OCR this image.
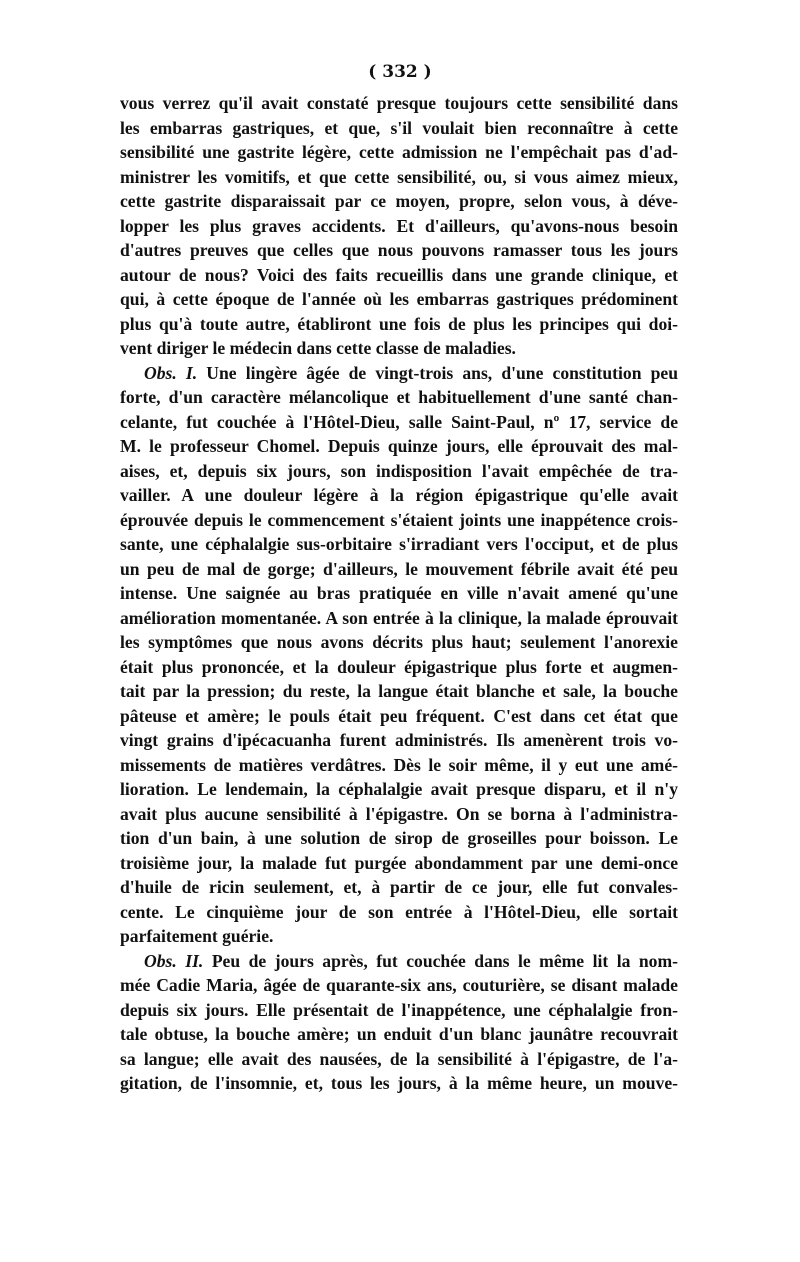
( 332 )
vous verrez qu'il avait constaté presque toujours cette sensibilité dans
les embarras gastriques, et que, s'il voulait bien reconnaître à cette
sensibilité une gastrite légère, cette admission ne l'empêchait pas d'ad-
ministrer les vomitifs, et que cette sensibilité, ou, si vous aimez mieux,
cette gastrite disparaissait par ce moyen, propre, selon vous, à déve-
lopper les plus graves accidents. Et d'ailleurs, qu'avons-nous besoin
d'autres preuves que celles que nous pouvons ramasser tous les jours
autour de nous? Voici des faits recueillis dans une grande clinique, et
qui, à cette époque de l'année où les embarras gastriques prédominent
plus qu'à toute autre, établiront une fois de plus les principes qui doi-
vent diriger le médecin dans cette classe de maladies.
Obs. I. Une lingère âgée de vingt-trois ans, d'une constitution peu
forte, d'un caractère mélancolique et habituellement d'une santé chan-
celante, fut couchée à l'Hôtel-Dieu, salle Saint-Paul, nº 17, service de
M. le professeur Chomel. Depuis quinze jours, elle éprouvait des mal-
aises, et, depuis six jours, son indisposition l'avait empêchée de tra-
vailler. A une douleur légère à la région épigastrique qu'elle avait
éprouvée depuis le commencement s'étaient joints une inappétence crois-
sante, une céphalalgie sus-orbitaire s'irradiant vers l'occiput, et de plus
un peu de mal de gorge; d'ailleurs, le mouvement fébrile avait été peu
intense. Une saignée au bras pratiquée en ville n'avait amené qu'une
amélioration momentanée. A son entrée à la clinique, la malade éprouvait
les symptômes que nous avons décrits plus haut; seulement l'anorexie
était plus prononcée, et la douleur épigastrique plus forte et augmen-
tait par la pression; du reste, la langue était blanche et sale, la bouche
pâteuse et amère; le pouls était peu fréquent. C'est dans cet état que
vingt grains d'ipécacuanha furent administrés. Ils amenèrent trois vo-
missements de matières verdâtres. Dès le soir même, il y eut une amé-
lioration. Le lendemain, la céphalalgie avait presque disparu, et il n'y
avait plus aucune sensibilité à l'épigastre. On se borna à l'administra-
tion d'un bain, à une solution de sirop de groseilles pour boisson. Le
troisième jour, la malade fut purgée abondamment par une demi-once
d'huile de ricin seulement, et, à partir de ce jour, elle fut convales-
cente. Le cinquième jour de son entrée à l'Hôtel-Dieu, elle sortait
parfaitement guérie.
Obs. II. Peu de jours après, fut couchée dans le même lit la nom-
mée Cadie Maria, âgée de quarante-six ans, couturière, se disant malade
depuis six jours. Elle présentait de l'inappétence, une céphalalgie fron-
tale obtuse, la bouche amère; un enduit d'un blanc jaunâtre recouvrait
sa langue; elle avait des nausées, de la sensibilité à l'épigastre, de l'a-
gitation, de l'insomnie, et, tous les jours, à la même heure, un mouve-
